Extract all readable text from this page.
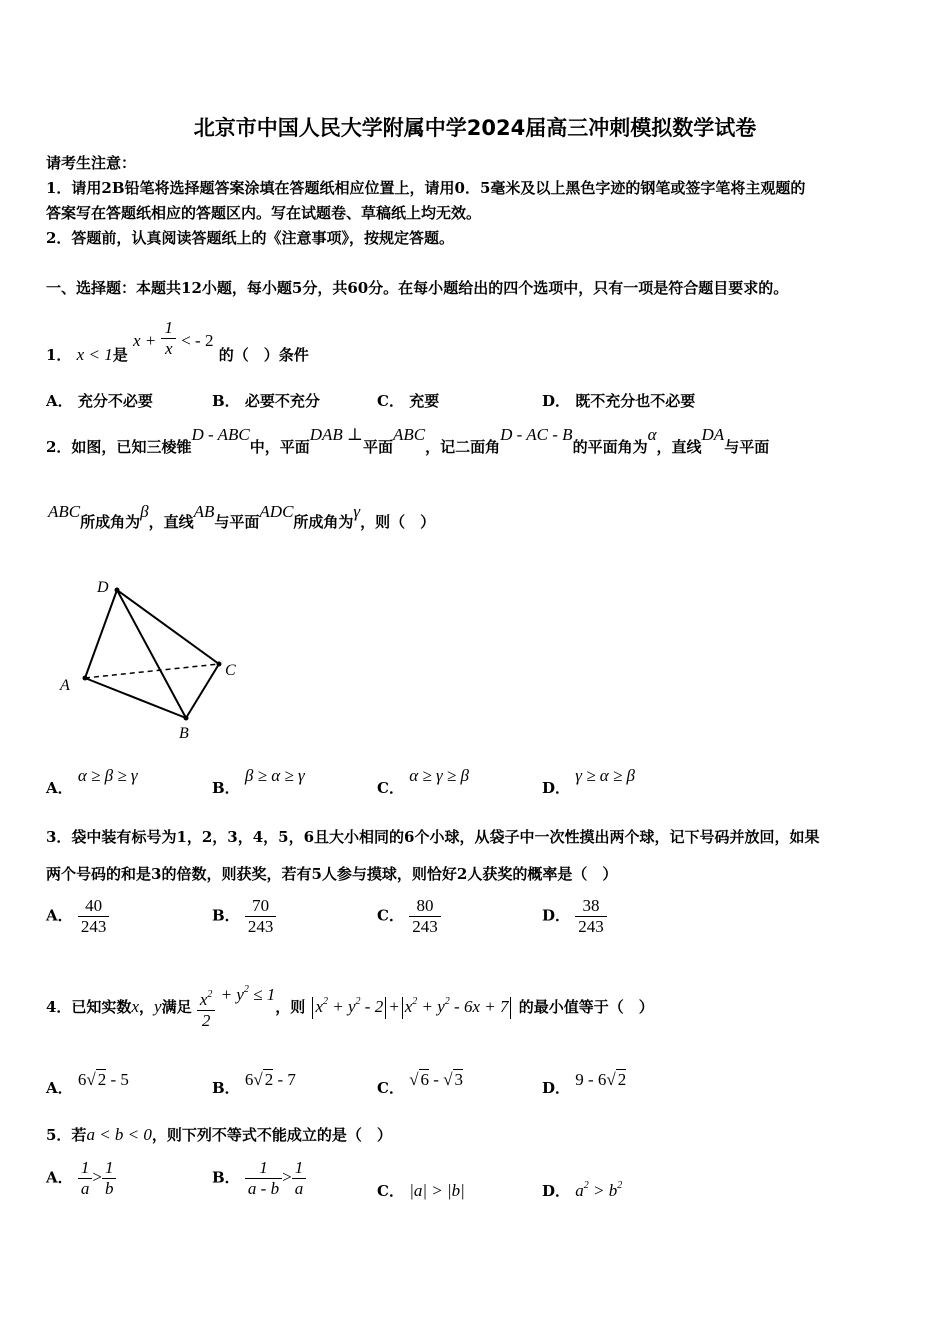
北京市中国人民大学附属中学2024届高三冲刺模拟数学试卷
请考生注意：
1．请用2B铅笔将选择题答案涂填在答题纸相应位置上，请用0．5毫米及以上黑色字迹的钢笔或签字笔将主观题的
答案写在答题纸相应的答题区内。写在试题卷、草稿纸上均无效。
2．答题前，认真阅读答题纸上的《注意事项》，按规定答题。
一、选择题：本题共12小题，每小题5分，共60分。在每小题给出的四个选项中，只有一项是符合题目要求的。
1． x < 1是 $x + \frac{1}{x}$ < - 2 的（　）条件
A． 充分不必要	B． 必要不充分	C． 充要	D． 既不充分也不必要
2．如图，已知三棱锥D - ABC中，平面DAB ⊥平面ABC，记二面角D - AC - B的平面角为α，直线DA与平面
ABC所成角为β，直线AB与平面ADC所成角为γ，则（　）
D
A
C
B
A． α ≥ β ≥ γ
B． β ≥ α ≥ γ
C． α ≥ γ ≥ β
D． γ ≥ α ≥ β
3．袋中装有标号为1，2，3，4，5，6且大小相同的6个小球，从袋子中一次性摸出两个球，记下号码并放回，如果
两个号码的和是3的倍数，则获奖，若有5人参与摸球，则恰好2人获奖的概率是（　）
A． $\frac{40}{243}$	B． $\frac{70}{243}$	C． $\frac{80}{243}$	D． $\frac{38}{243}$
4．已知实数x，y满足 $\frac{x^2}{2} + y^2 \le 1$，则 $x^2 + y^2 - 2 + x^2 + y^2 - 6x + 7$ 的最小值等于（　）
A． 6√ 2 - 5	B． 6√ 2 - 7	C． √ 6 - √ 3	D． 9 - 6√ 2
5．若a < b < 0，则下列不等式不能成立的是（　）
A． $\frac{1}{a} > \frac{1}{b}$	B． $\frac{1}{a - b} > \frac{1}{a}$	C． |a| > |b|	D． $a^2 > b^2$
